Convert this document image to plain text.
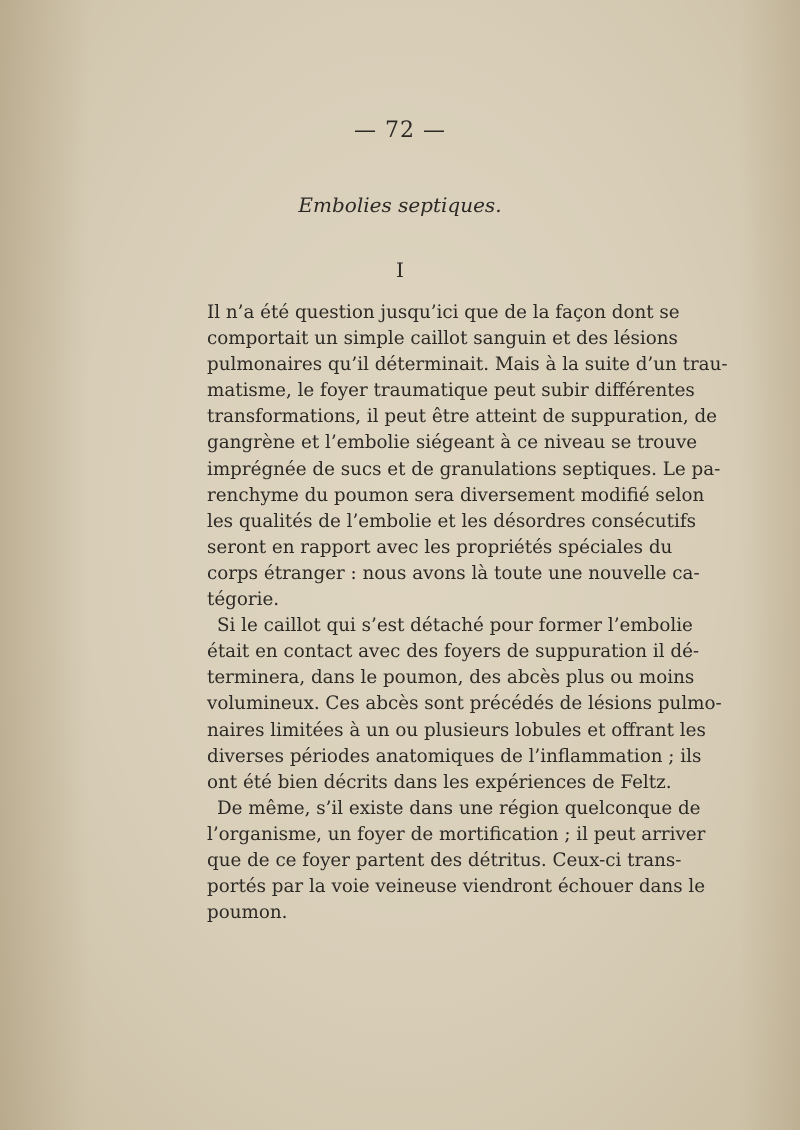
— 72 —
Embolies septiques.
I
Il n’a été question jusqu’ici que de la façon dont se
comportait un simple caillot sanguin et des lésions
pulmonaires qu’il déterminait. Mais à la suite d’un trau-
matisme, le foyer traumatique peut subir différentes
transformations, il peut être atteint de suppuration, de
gangrène et l’embolie siégeant à ce niveau se trouve
imprégnée de sucs et de granulations septiques. Le pa-
renchyme du poumon sera diversement modifié selon
les qualités de l’embolie et les désordres consécutifs
seront en rapport avec les propriétés spéciales du
corps étranger : nous avons là toute une nouvelle ca-
tégorie.
Si le caillot qui s’est détaché pour former l’embolie
était en contact avec des foyers de suppuration il dé-
terminera, dans le poumon, des abcès plus ou moins
volumineux. Ces abcès sont précédés de lésions pulmo-
naires limitées à un ou plusieurs lobules et offrant les
diverses périodes anatomiques de l’inflammation ; ils
ont été bien décrits dans les expériences de Feltz.
De même, s’il existe dans une région quelconque de
l’organisme, un foyer de mortification ; il peut arriver
que de ce foyer partent des détritus. Ceux-ci trans-
portés par la voie veineuse viendront échouer dans le
poumon.
